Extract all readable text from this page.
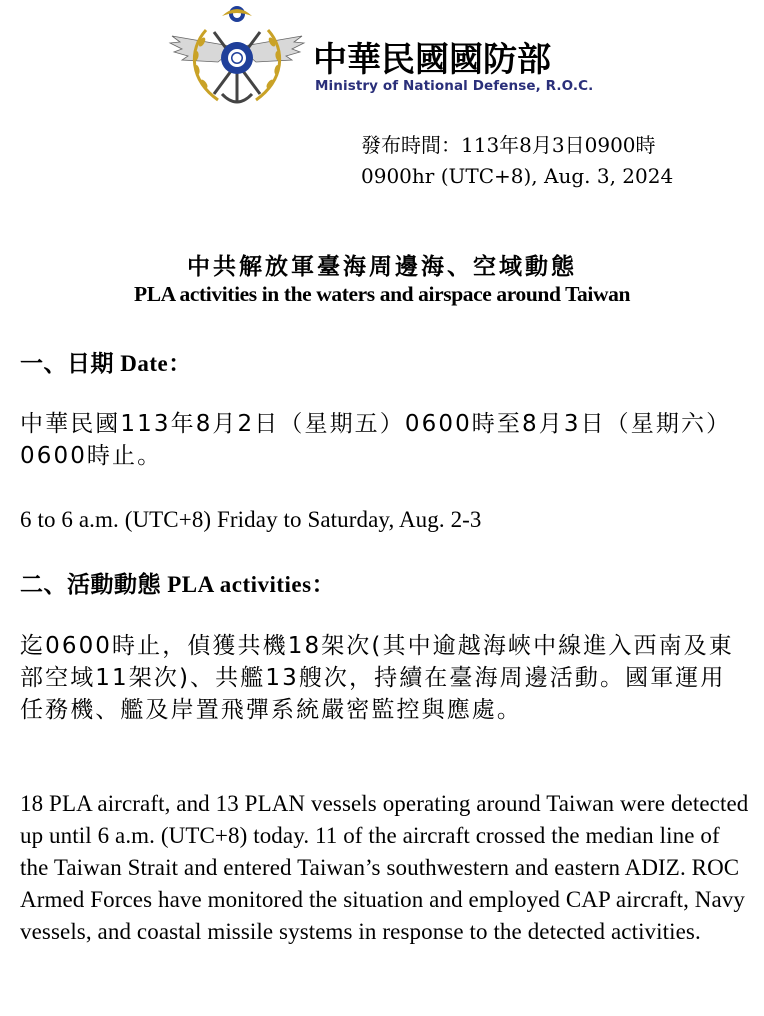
中華民國國防部
Ministry of National Defense, R.O.C.
發布時間：113年8月3日0900時
0900hr (UTC+8), Aug. 3, 2024
中共解放軍臺海周邊海、空域動態
PLA activities in the waters and airspace around Taiwan
一、日期 Date：
中華民國113年8月2日（星期五）0600時至8月3日（星期六）0600時止。
6 to 6 a.m. (UTC+8) Friday to Saturday, Aug. 2-3
二、活動動態 PLA activities：
迄0600時止，偵獲共機18架次(其中逾越海峽中線進入西南及東部空域11架次)、共艦13艘次，持續在臺海周邊活動。國軍運用任務機、艦及岸置飛彈系統嚴密監控與應處。
18 PLA aircraft, and 13 PLAN vessels operating around Taiwan were detected up until 6 a.m. (UTC+8) today. 11 of the aircraft crossed the median line of the Taiwan Strait and entered Taiwan’s southwestern and eastern ADIZ. ROC Armed Forces have monitored the situation and employed CAP aircraft, Navy vessels, and coastal missile systems in response to the detected activities.
